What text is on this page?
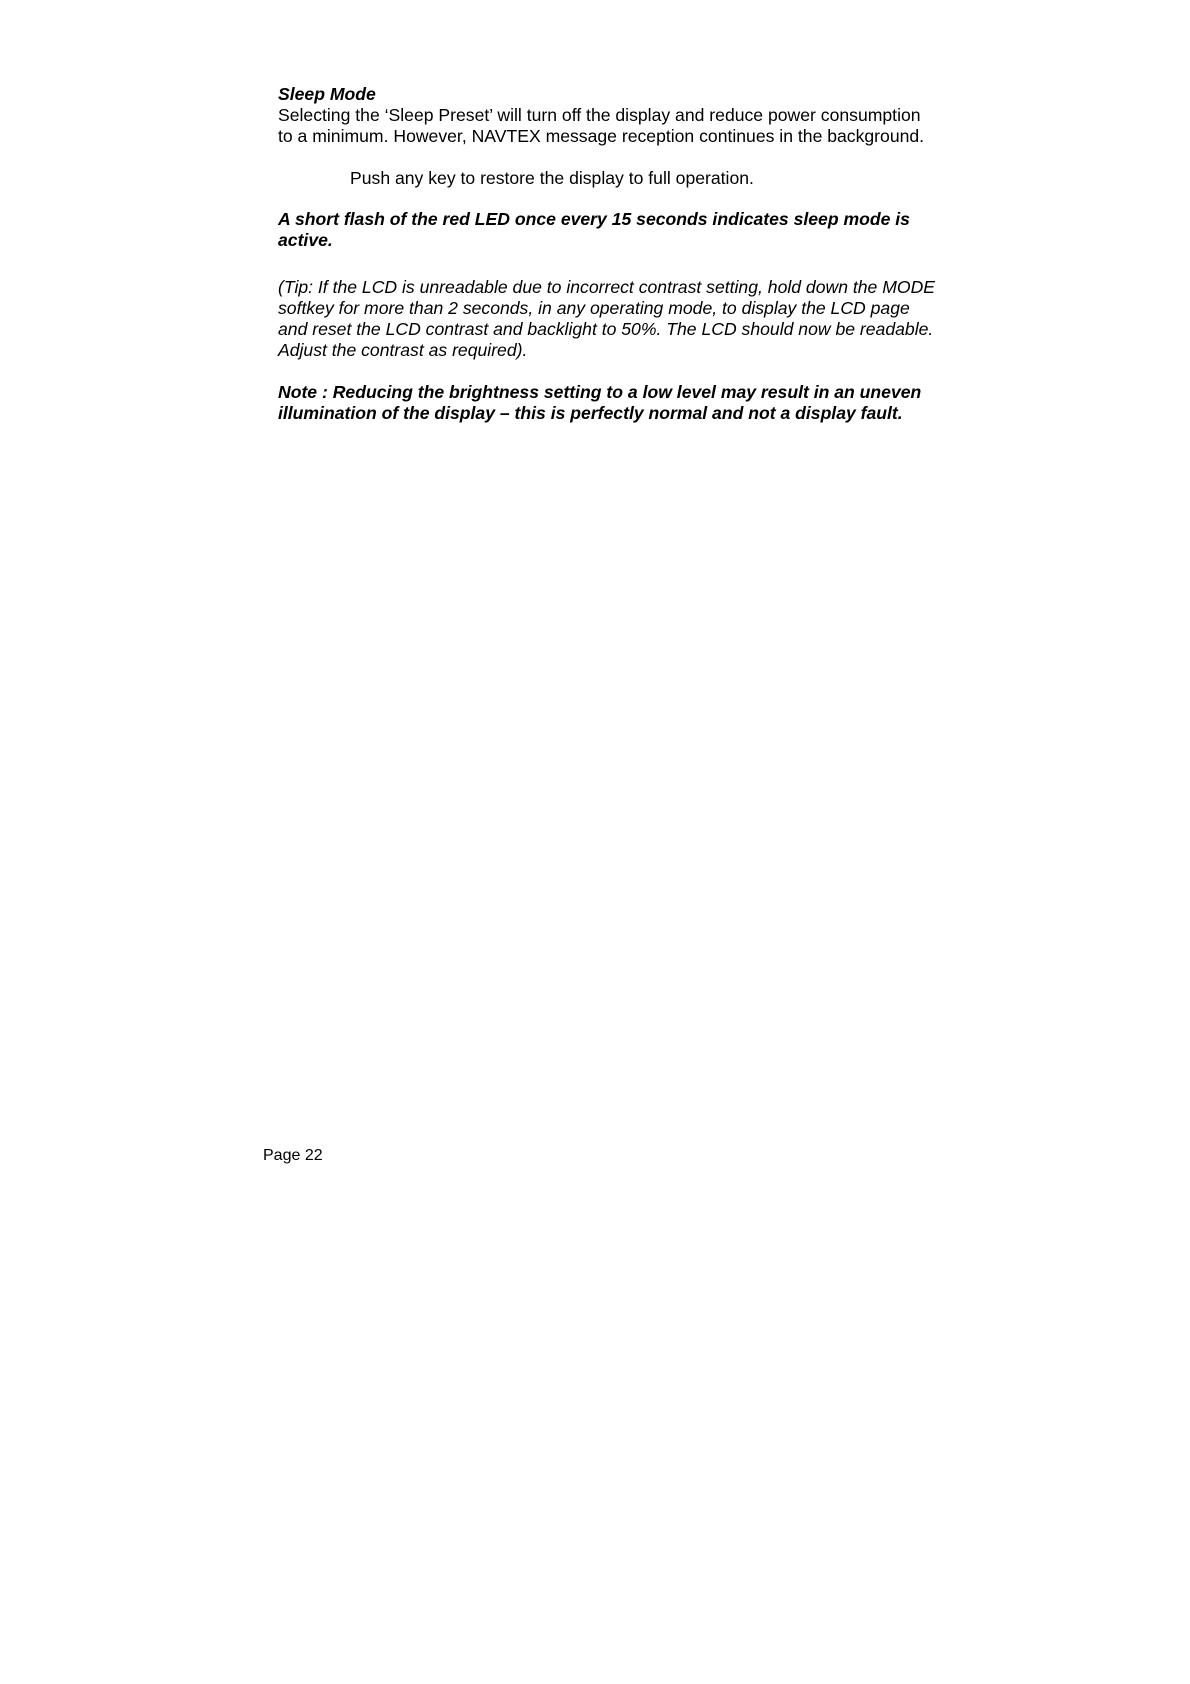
Sleep Mode

Selecting the ‘Sleep Preset’ will turn off the display and reduce power consumption to a minimum. However, NAVTEX message reception continues in the background.

Push any key to restore the display to full operation.

A short flash of the red LED once every 15 seconds indicates sleep mode is active.

(Tip: If the LCD is unreadable due to incorrect contrast setting, hold down the MODE softkey for more than 2 seconds, in any operating mode, to display the LCD page and reset the LCD contrast and backlight to 50%. The LCD should now be readable. Adjust the contrast as required).

Note : Reducing the brightness setting to a low level may result in an uneven illumination of the display – this is perfectly normal and not a display fault.

Page 22
